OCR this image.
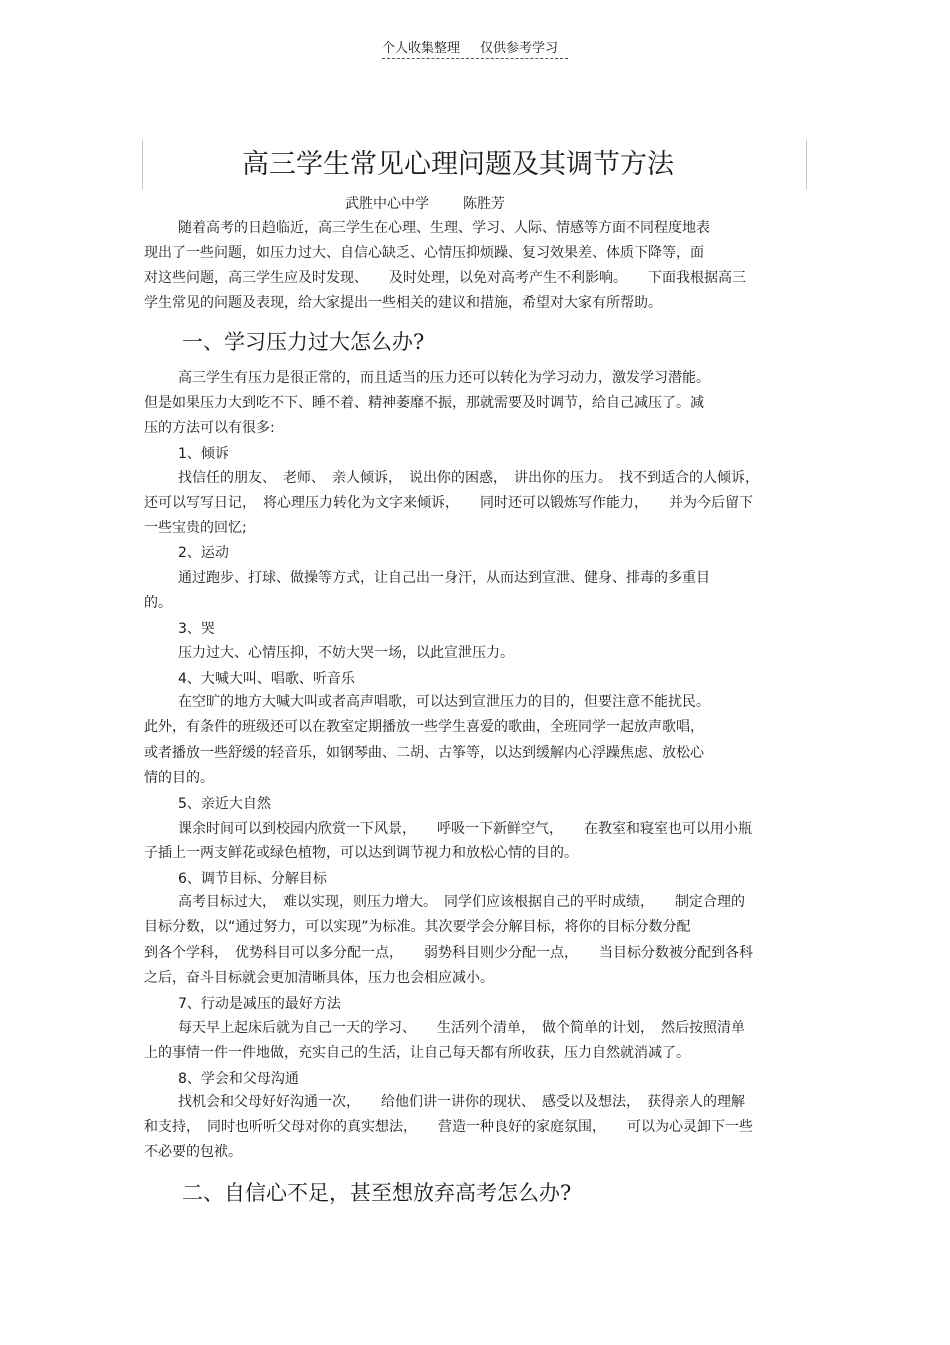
个人收集整理 仅供参考学习
高三学生常见心理问题及其调节方法
武胜中心中学 陈胜芳
随着高考的日趋临近，高三学生在心理、生理、学习、人际、情感等方面不同程度地表
现出了一些问题，如压力过大、自信心缺乏、心情压抑烦躁、复习效果差、体质下降等，面
对这些问题，高三学生应及时发现、　　及时处理，以免对高考产生不利影响。　　下面我根据高三
学生常见的问题及表现，给大家提出一些相关的建议和措施，希望对大家有所帮助。
一、学习压力过大怎么办?
高三学生有压力是很正常的，而且适当的压力还可以转化为学习动力，激发学习潜能。
但是如果压力大到吃不下、睡不着、精神萎靡不振，那就需要及时调节，给自己减压了。减
压的方法可以有很多:
1、倾诉
找信任的朋友、　老师、　亲人倾诉，　说出你的困惑，　讲出你的压力。　找不到适合的人倾诉，
还可以写写日记，　将心理压力转化为文字来倾诉，　　同时还可以锻炼写作能力，　　并为今后留下
一些宝贵的回忆;
2、运动
通过跑步、打球、做操等方式，让自己出一身汗，从而达到宣泄、健身、排毒的多重目
的。
3、哭
压力过大、心情压抑，不妨大哭一场，以此宣泄压力。
4、大喊大叫、唱歌、听音乐
在空旷的地方大喊大叫或者高声唱歌，可以达到宣泄压力的目的，但要注意不能扰民。
此外，有条件的班级还可以在教室定期播放一些学生喜爱的歌曲，全班同学一起放声歌唱，
或者播放一些舒缓的轻音乐，如钢琴曲、二胡、古筝等，以达到缓解内心浮躁焦虑、放松心
情的目的。
5、亲近大自然
课余时间可以到校园内欣赏一下风景，　　呼吸一下新鲜空气，　　在教室和寝室也可以用小瓶
子插上一两支鲜花或绿色植物，可以达到调节视力和放松心情的目的。
6、调节目标、分解目标
高考目标过大，　难以实现，则压力增大。　同学们应该根据自己的平时成绩，　　制定合理的
目标分数，以“通过努力，可以实现”为标准。其次要学会分解目标，将你的目标分数分配
到各个学科，　优势科目可以多分配一点，　　弱势科目则少分配一点，　　当目标分数被分配到各科
之后，奋斗目标就会更加清晰具体，压力也会相应减小。
7、行动是减压的最好方法
每天早上起床后就为自己一天的学习、　　生活列个清单，　做个简单的计划，　然后按照清单
上的事情一件一件地做，充实自己的生活，让自己每天都有所收获，压力自然就消减了。
8、学会和父母沟通
找机会和父母好好沟通一次，　　给他们讲一讲你的现状、　感受以及想法，　获得亲人的理解
和支持，　同时也听听父母对你的真实想法，　　营造一种良好的家庭氛围，　　可以为心灵卸下一些
不必要的包袱。
二、自信心不足，甚至想放弃高考怎么办?
